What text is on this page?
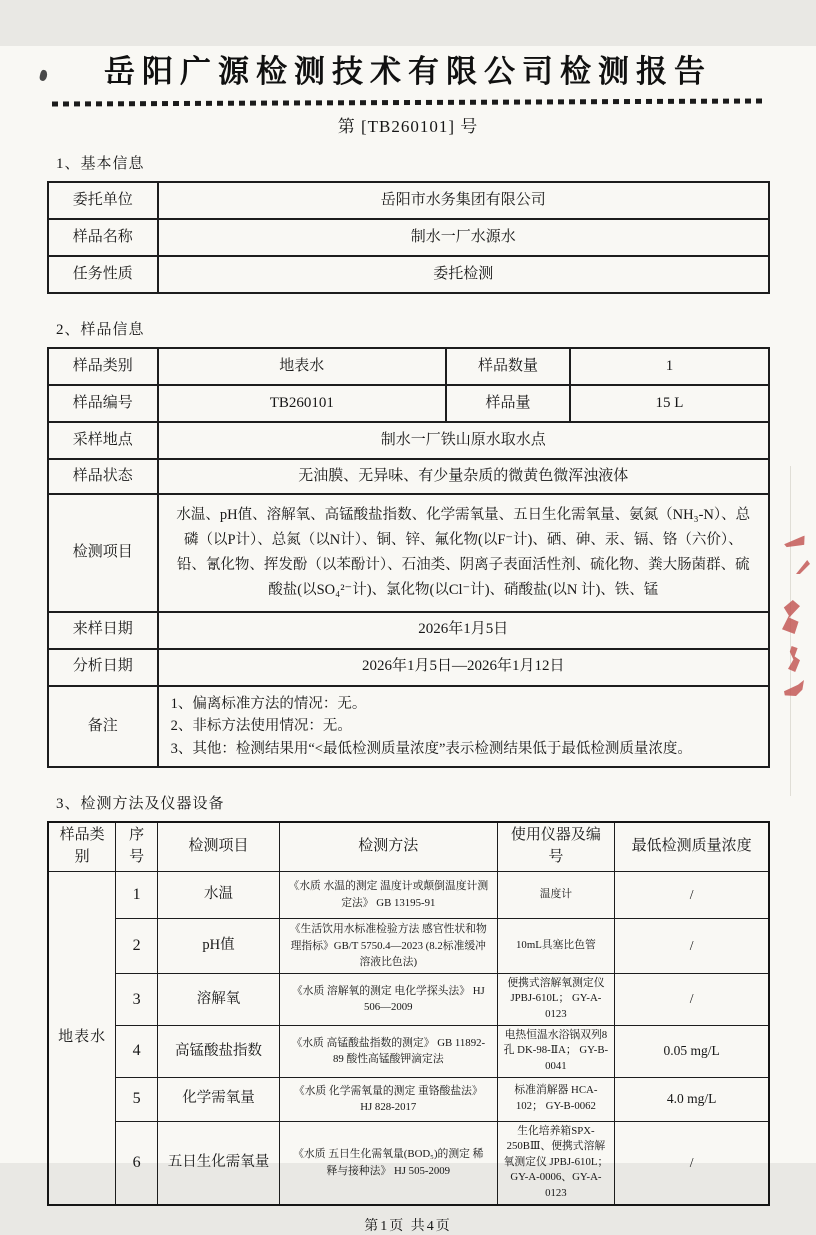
岳阳广源检测技术有限公司检测报告
第 [TB260101] 号
1、基本信息
委托单位	岳阳市水务集团有限公司
样品名称	制水一厂水源水
任务性质	委托检测
2、样品信息
样品类别	地表水	样品数量	1
样品编号	TB260101	样品量	15 L
采样地点	制水一厂铁山原水取水点		
样品状态	无油膜、无异味、有少量杂质的微黄色微浑浊液体		
检测项目	水温、pH值、溶解氧、高锰酸盐指数、化学需氧量、五日生化需氧量、氨氮（NH₃-N）、总磷（以P计）、总氮（以N计）、铜、锌、氟化物(以F⁻计)、硒、砷、汞、镉、铬（六价）、铅、氰化物、挥发酚（以苯酚计）、石油类、阴离子表面活性剂、硫化物、粪大肠菌群、硫酸盐(以SO₄²⁻计)、氯化物(以Cl⁻计)、硝酸盐(以N 计)、铁、锰		
来样日期	2026年1月5日		
分析日期	2026年1月5日—2026年1月12日		
备注	1、偏离标准方法的情况：无。
2、非标方法使用情况：无。
3、其他：检测结果用“<最低检测质量浓度”表示检测结果低于最低检测质量浓度。		
3、检测方法及仪器设备
样品类别	序号	检测项目	检测方法	使用仪器及编号	最低检测质量浓度
地表水	1	水温	《水质 水温的测定 温度计或颠倒温度计测定法》 GB 13195-91	温度计	/
	2	pH值	《生活饮用水标准检验方法 感官性状和物理指标》GB/T 5750.4—2023 (8.2标准缓冲溶液比色法)	10mL具塞比色管	/
	3	溶解氧	《水质 溶解氧的测定 电化学探头法》 HJ 506—2009	便携式溶解氧测定仪 JPBJ-610L； GY-A-0123	/
	4	高锰酸盐指数	《水质 高锰酸盐指数的测定》 GB 11892-89 酸性高锰酸钾滴定法	电热恒温水浴锅双列8孔 DK-98-ⅡA； GY-B-0041	0.05 mg/L
	5	化学需氧量	《水质 化学需氧量的测定 重铬酸盐法》 HJ 828-2017	标准消解器 HCA-102； GY-B-0062	4.0 mg/L
	6	五日生化需氧量	《水质 五日生化需氧量(BOD₅)的测定 稀释与接种法》 HJ 505-2009	生化培养箱SPX-250BⅢ、便携式溶解氧测定仪 JPBJ-610L； GY-A-0006、GY-A-0123	/
第1页 共4页
